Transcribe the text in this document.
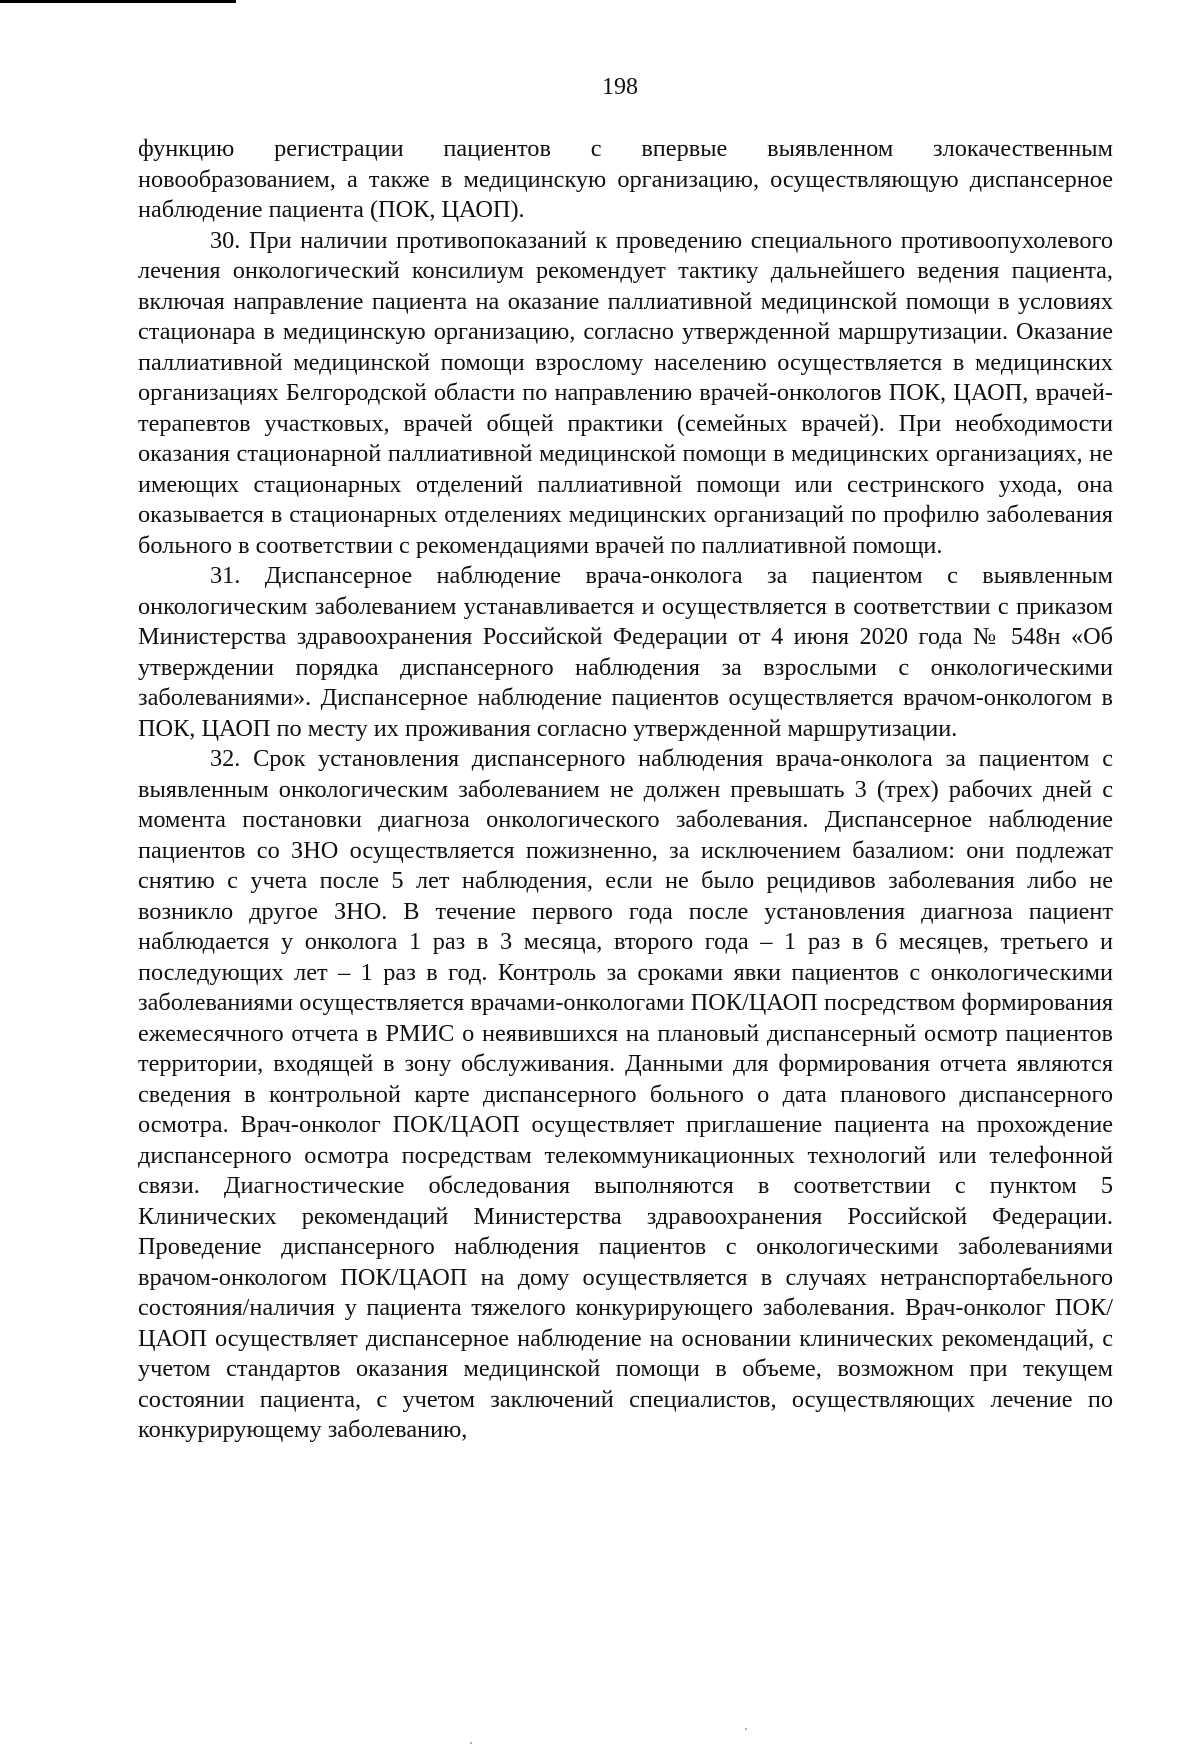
198

функцию регистрации пациентов с впервые выявленном злокачественным новообразованием, а также в медицинскую организацию, осуществляющую диспансерное наблюдение пациента (ПОК, ЦАОП).

30. При наличии противопоказаний к проведению специального противоопухолевого лечения онкологический консилиум рекомендует тактику дальнейшего ведения пациента, включая направление пациента на оказание паллиативной медицинской помощи в условиях стационара в медицинскую организацию, согласно утвержденной маршрутизации. Оказание паллиативной медицинской помощи взрослому населению осуществляется в медицинских организациях Белгородской области по направлению врачей-онкологов ПОК, ЦАОП, врачей-терапевтов участковых, врачей общей практики (семейных врачей). При необходимости оказания стационарной паллиативной медицинской помощи в медицинских организациях, не имеющих стационарных отделений паллиативной помощи или сестринского ухода, она оказывается в стационарных отделениях медицинских организаций по профилю заболевания больного в соответствии с рекомендациями врачей по паллиативной помощи.

31. Диспансерное наблюдение врача-онколога за пациентом с выявленным онкологическим заболеванием устанавливается и осуществляется в соответствии с приказом Министерства здравоохранения Российской Федерации от 4 июня 2020 года № 548н «Об утверждении порядка диспансерного наблюдения за взрослыми с онкологическими заболеваниями». Диспансерное наблюдение пациентов осуществляется врачом-онкологом в ПОК, ЦАОП по месту их проживания согласно утвержденной маршрутизации.

32. Срок установления диспансерного наблюдения врача-онколога за пациентом с выявленным онкологическим заболеванием не должен превышать 3 (трех) рабочих дней с момента постановки диагноза онкологического заболевания. Диспансерное наблюдение пациентов со ЗНО осуществляется пожизненно, за исключением базалиом: они подлежат снятию с учета после 5 лет наблюдения, если не было рецидивов заболевания либо не возникло другое ЗНО. В течение первого года после установления диагноза пациент наблюдается у онколога 1 раз в 3 месяца, второго года – 1 раз в 6 месяцев, третьего и последующих лет – 1 раз в год. Контроль за сроками явки пациентов с онкологическими заболеваниями осуществляется врачами-онкологами ПОК/ЦАОП посредством формирования ежемесячного отчета в РМИС о неявившихся на плановый диспансерный осмотр пациентов территории, входящей в зону обслуживания. Данными для формирования отчета являются сведения в контрольной карте диспансерного больного о дата планового диспансерного осмотра. Врач-онколог ПОК/ЦАОП осуществляет приглашение пациента на прохождение диспансерного осмотра посредствам телекоммуникационных технологий или телефонной связи. Диагностические обследования выполняются в соответствии с пунктом 5 Клинических рекомендаций Министерства здравоохранения Российской Федерации. Проведение диспансерного наблюдения пациентов с онкологическими заболеваниями врачом-онкологом ПОК/ЦАОП на дому осуществляется в случаях нетранспортабельного состояния/наличия у пациента тяжелого конкурирующего заболевания. Врач-онколог ПОК/ЦАОП осуществляет диспансерное наблюдение на основании клинических рекомендаций, с учетом стандартов оказания медицинской помощи в объеме, возможном при текущем состоянии пациента, с учетом заключений специалистов, осуществляющих лечение по конкурирующему заболеванию,
